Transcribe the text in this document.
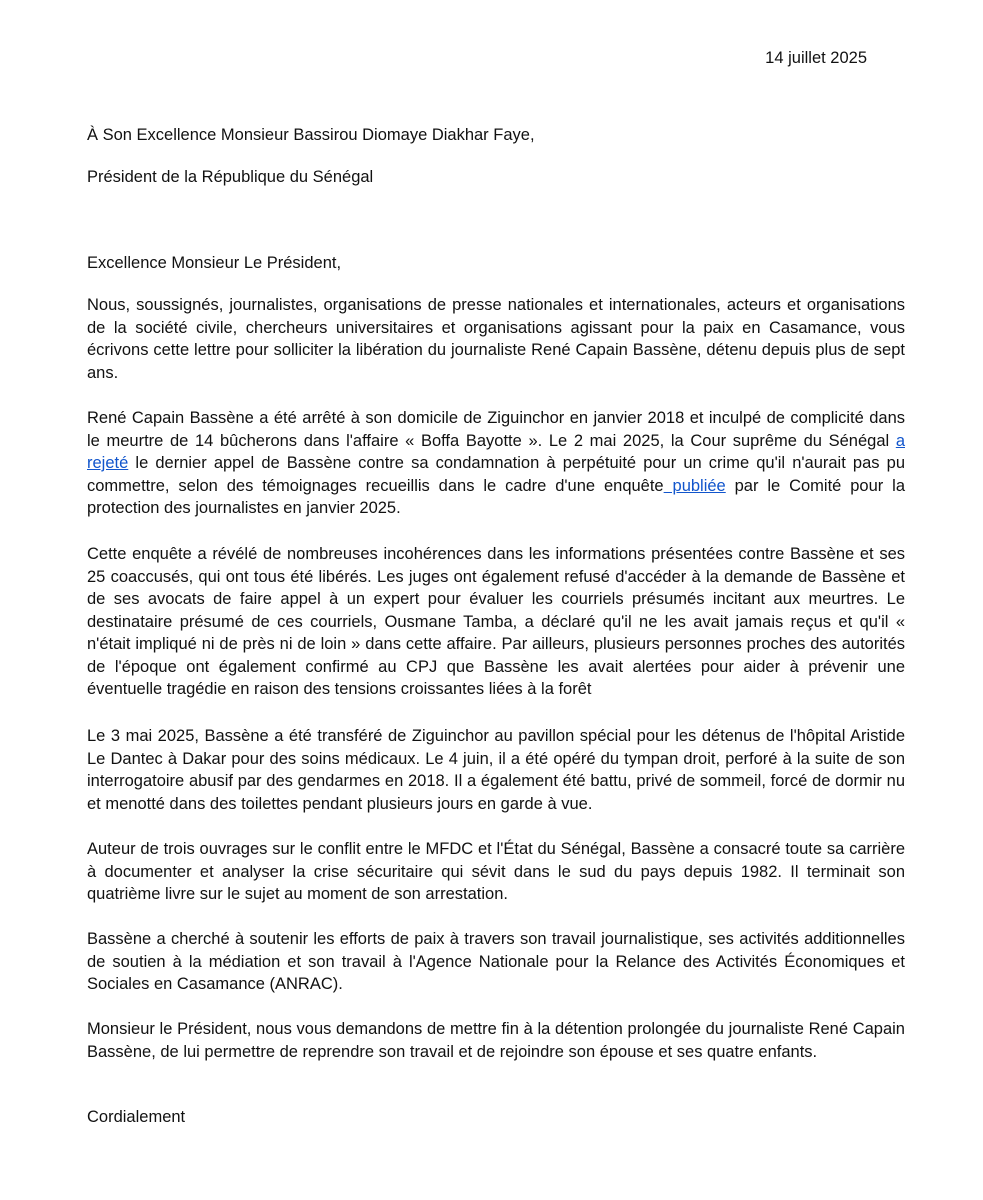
14 juillet 2025

À Son Excellence Monsieur Bassirou Diomaye Diakhar Faye,

Président de la République du Sénégal

Excellence Monsieur Le Président,

Nous, soussignés, journalistes, organisations de presse nationales et internationales, acteurs et organisations de la société civile, chercheurs universitaires et organisations agissant pour la paix en Casamance, vous écrivons cette lettre pour solliciter la libération du journaliste René Capain Bassène, détenu depuis plus de sept ans.

René Capain Bassène a été arrêté à son domicile de Ziguinchor en janvier 2018 et inculpé de complicité dans le meurtre de 14 bûcherons dans l'affaire « Boffa Bayotte ». Le 2 mai 2025, la Cour suprême du Sénégal a rejeté le dernier appel de Bassène contre sa condamnation à perpétuité pour un crime qu'il n'aurait pas pu commettre, selon des témoignages recueillis dans le cadre d'une enquête publiée par le Comité pour la protection des journalistes en janvier 2025.

Cette enquête a révélé de nombreuses incohérences dans les informations présentées contre Bassène et ses 25 coaccusés, qui ont tous été libérés. Les juges ont également refusé d'accéder à la demande de Bassène et de ses avocats de faire appel à un expert pour évaluer les courriels présumés incitant aux meurtres. Le destinataire présumé de ces courriels, Ousmane Tamba, a déclaré qu'il ne les avait jamais reçus et qu'il « n'était impliqué ni de près ni de loin » dans cette affaire. Par ailleurs, plusieurs personnes proches des autorités de l'époque ont également confirmé au CPJ que Bassène les avait alertées pour aider à prévenir une éventuelle tragédie en raison des tensions croissantes liées à la forêt

Le 3 mai 2025, Bassène a été transféré de Ziguinchor au pavillon spécial pour les détenus de l'hôpital Aristide Le Dantec à Dakar pour des soins médicaux. Le 4 juin, il a été opéré du tympan droit, perforé à la suite de son interrogatoire abusif par des gendarmes en 2018. Il a également été battu, privé de sommeil, forcé de dormir nu et menotté dans des toilettes pendant plusieurs jours en garde à vue.

Auteur de trois ouvrages sur le conflit entre le MFDC et l'État du Sénégal, Bassène a consacré toute sa carrière à documenter et analyser la crise sécuritaire qui sévit dans le sud du pays depuis 1982. Il terminait son quatrième livre sur le sujet au moment de son arrestation.

Bassène a cherché à soutenir les efforts de paix à travers son travail journalistique, ses activités additionnelles de soutien à la médiation et son travail à l'Agence Nationale pour la Relance des Activités Économiques et Sociales en Casamance (ANRAC).

Monsieur le Président, nous vous demandons de mettre fin à la détention prolongée du journaliste René Capain Bassène, de lui permettre de reprendre son travail et de rejoindre son épouse et ses quatre enfants.

Cordialement
